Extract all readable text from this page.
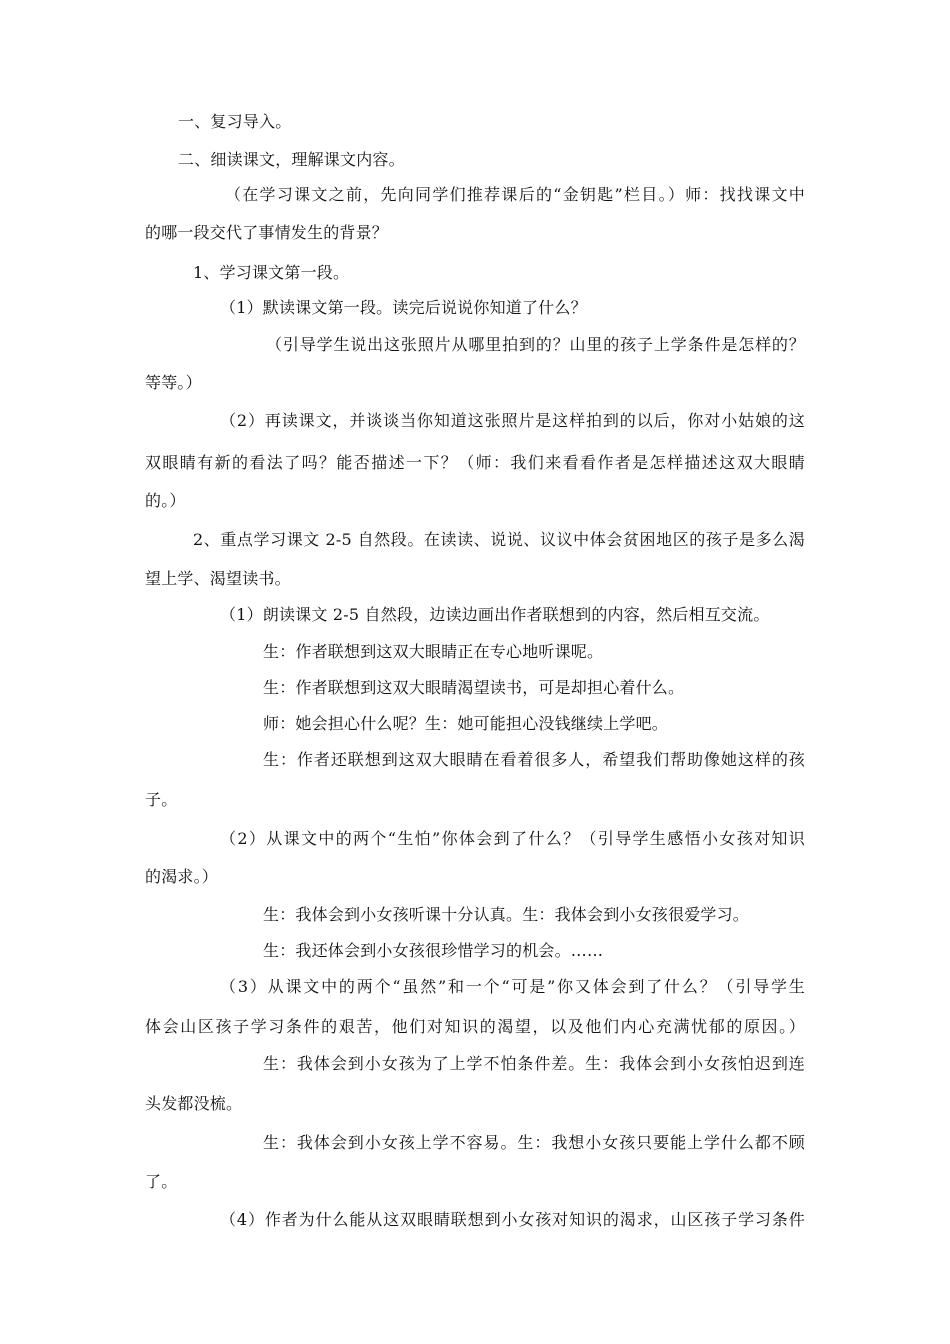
一、复习导入。

二、细读课文，理解课文内容。

（在学习课文之前，先向同学们推荐课后的“金钥匙”栏目。）师：找找课文中

的哪一段交代了事情发生的背景？

1、学习课文第一段。

（1）默读课文第一段。读完后说说你知道了什么？

（引导学生说出这张照片从哪里拍到的？山里的孩子上学条件是怎样的？

等等。）

（2）再读课文，并谈谈当你知道这张照片是这样拍到的以后，你对小姑娘的这

双眼睛有新的看法了吗？能否描述一下？（师：我们来看看作者是怎样描述这双大眼睛

的。）

2、重点学习课文 2-5 自然段。在读读、说说、议议中体会贫困地区的孩子是多么渴

望上学、渴望读书。

（1）朗读课文 2-5 自然段，边读边画出作者联想到的内容，然后相互交流。

生：作者联想到这双大眼睛正在专心地听课呢。

生：作者联想到这双大眼睛渴望读书，可是却担心着什么。

师：她会担心什么呢？生：她可能担心没钱继续上学吧。

生：作者还联想到这双大眼睛在看着很多人，希望我们帮助像她这样的孩

子。

（2）从课文中的两个“生怕”你体会到了什么？（引导学生感悟小女孩对知识

的渴求。）

生：我体会到小女孩听课十分认真。生：我体会到小女孩很爱学习。

生：我还体会到小女孩很珍惜学习的机会。……

（3）从课文中的两个“虽然”和一个“可是”你又体会到了什么？（引导学生

体会山区孩子学习条件的艰苦，他们对知识的渴望，以及他们内心充满忧郁的原因。）

生：我体会到小女孩为了上学不怕条件差。生：我体会到小女孩怕迟到连

头发都没梳。

生：我体会到小女孩上学不容易。生：我想小女孩只要能上学什么都不顾

了。

（4）作者为什么能从这双眼睛联想到小女孩对知识的渴求，山区孩子学习条件
